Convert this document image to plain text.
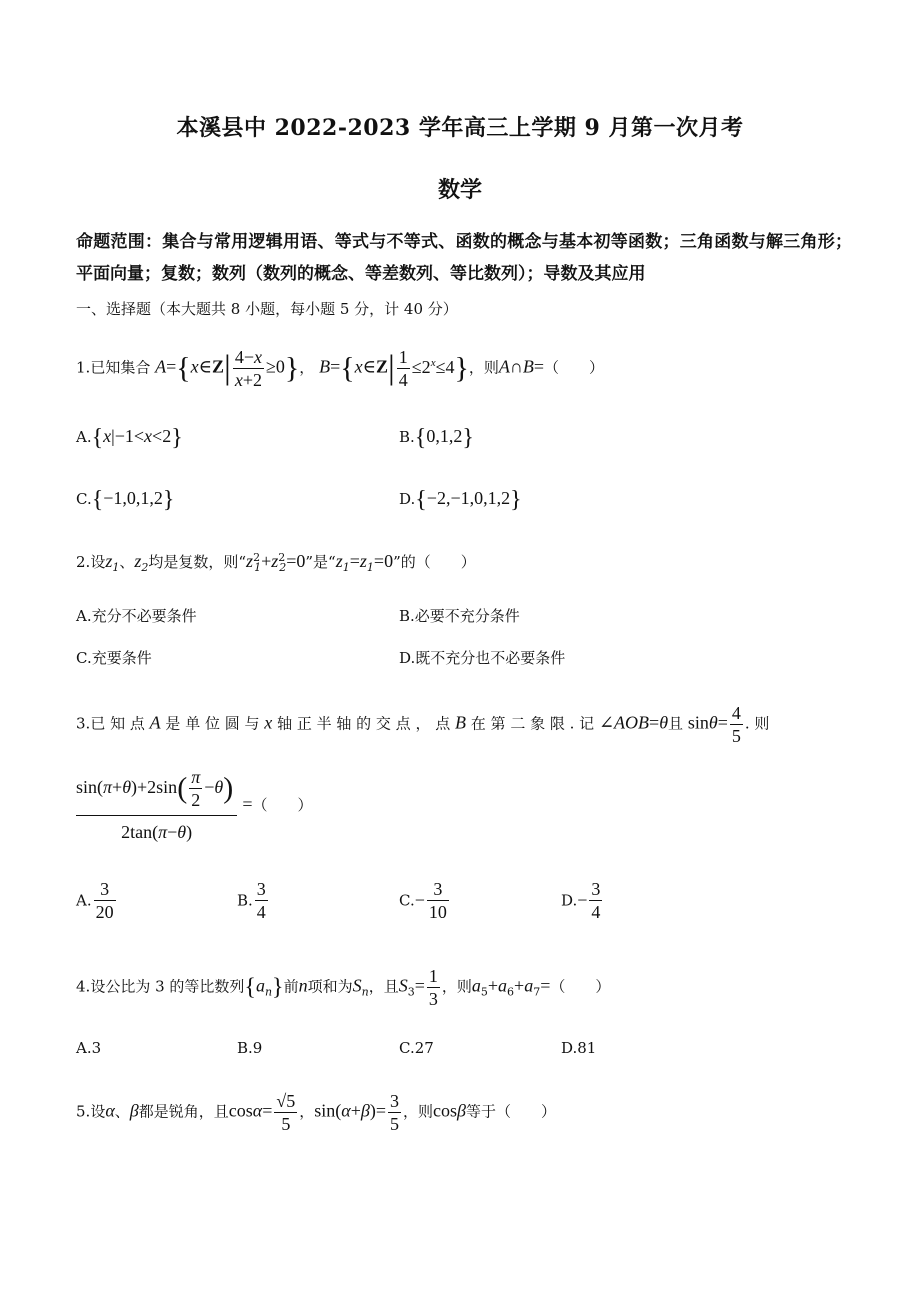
本溪县中 2022-2023 学年高三上学期 9 月第一次月考
数学
命题范围：集合与常用逻辑用语、等式与不等式、函数的概念与基本初等函数；三角函数与解三角形；平面向量；复数；数列（数列的概念、等差数列、等比数列）；导数及其应用
一、选择题（本大题共 8 小题，每小题 5 分，计 40 分）
1.已知集合 A={x∈Z| $\frac{4-x}{x+2} \ge 0$}， B={x∈Z| $\frac{1}{4} \le 2^x\le 4$}，则A∩B=（　　）
A.{x|−1<x<2}	B.{0,1,2}
C.{−1,0,1,2}	D.{−2,−1,0,1,2}
2.设$z_1$、$z_2$均是复数，则“$z^2_1+z^2_2=0$”是“$z_1=z_1=0$”的（　　）
A.充分不必要条件	B.必要不充分条件
C.充要条件	D.既不充分也不必要条件
3.已 知 点 A 是 单 位 圆 与 x 轴 正 半 轴 的 交 点 ， 点 B 在 第 二 象 限 . 记 ∠AOB=θ且 $\sin\theta= \frac{4}{5}$ . 则
$\frac{\sin(\pi+\theta)+2\sin( \frac{\pi}{2} -\theta)}{2\tan(\pi-\theta)}$ =（　　）
A. $\frac{3}{20}$	B. $\frac{3}{4}$	$C.- \frac{3}{10}$	$D.- \frac{3}{4}$
4.设公比为 3 的等比数列$\{a_n\}$前n项和为$S_n$，且$S_3= \frac{1}{3}$ ，则$a_5+a_6+a_7=$（　　）
A.3	B.9	C.27	D.81
5.设α、β都是锐角，且$\cos\alpha= \frac{√5}{5}$ ，$\sin(\alpha+\beta)= \frac{3}{5}$ ，则cosβ等于（　　）
